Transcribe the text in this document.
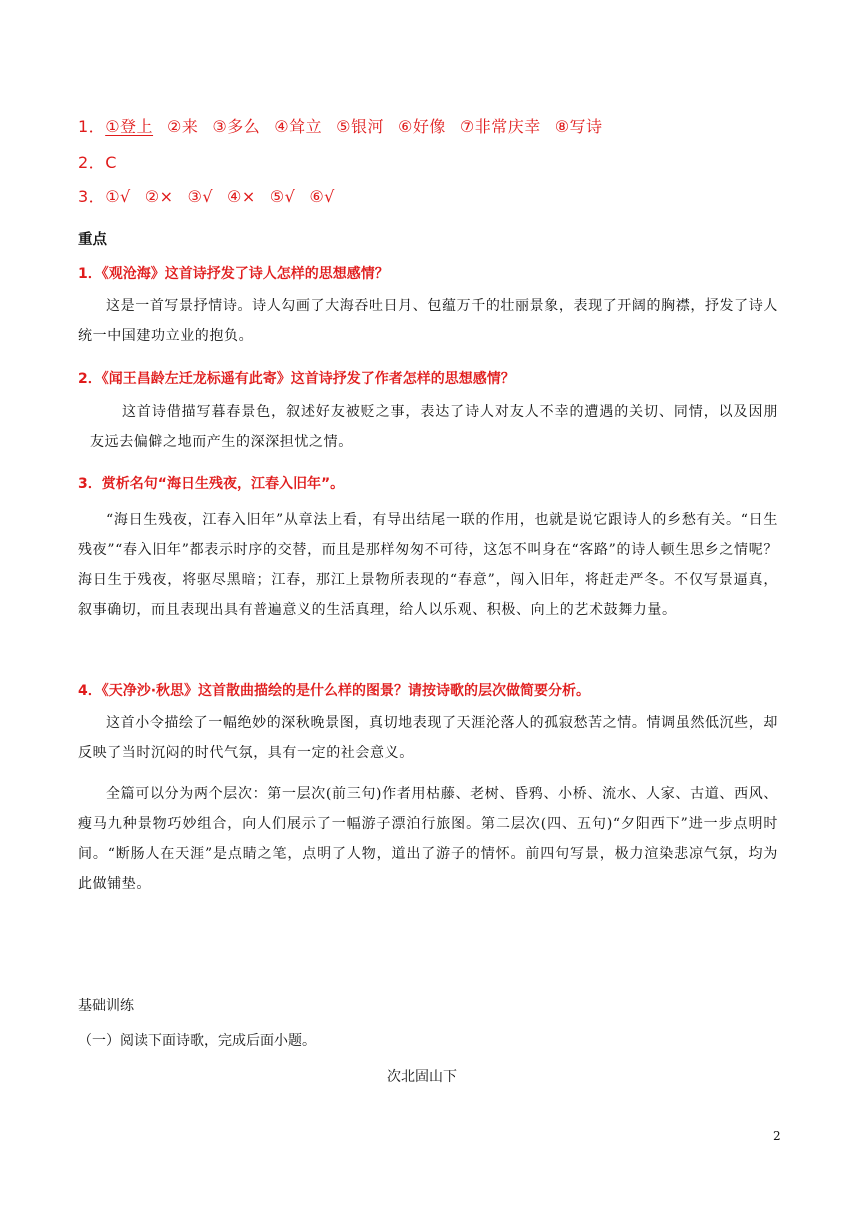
1．①登上 ②来 ③多么 ④耸立 ⑤银河 ⑥好像 ⑦非常庆幸 ⑧写诗
2．C
3．①√ ②× ③√ ④× ⑤√ ⑥√
重点
1．《观沧海》这首诗抒发了诗人怎样的思想感情？

这是一首写景抒情诗。诗人勾画了大海吞吐日月、包蕴万千的壮丽景象，表现了开阔的胸襟，抒发了诗人统一中国建功立业的抱负。

2．《闻王昌龄左迁龙标遥有此寄》这首诗抒发了作者怎样的思想感情？

这首诗借描写暮春景色，叙述好友被贬之事，表达了诗人对友人不幸的遭遇的关切、同情，以及因朋友远去偏僻之地而产生的深深担忧之情。

3．赏析名句“海日生残夜，江春入旧年”。

“海日生残夜，江春入旧年”从章法上看，有导出结尾一联的作用，也就是说它跟诗人的乡愁有关。“日生残夜”“春入旧年”都表示时序的交替，而且是那样匆匆不可待，这怎不叫身在“客路”的诗人顿生思乡之情呢？海日生于残夜，将驱尽黑暗；江春，那江上景物所表现的“春意”，闯入旧年，将赶走严冬。不仅写景逼真，叙事确切，而且表现出具有普遍意义的生活真理，给人以乐观、积极、向上的艺术鼓舞力量。

4．《天净沙·秋思》这首散曲描绘的是什么样的图景？请按诗歌的层次做简要分析。

这首小令描绘了一幅绝妙的深秋晚景图，真切地表现了天涯沦落人的孤寂愁苦之情。情调虽然低沉些，却反映了当时沉闷的时代气氛，具有一定的社会意义。

全篇可以分为两个层次：第一层次(前三句)作者用枯藤、老树、昏鸦、小桥、流水、人家、古道、西风、瘦马九种景物巧妙组合，向人们展示了一幅游子漂泊行旅图。第二层次(四、五句)“夕阳西下”进一步点明时间。“断肠人在天涯”是点睛之笔，点明了人物，道出了游子的情怀。前四句写景，极力渲染悲凉气氛，均为此做铺垫。

基础训练
（一）阅读下面诗歌，完成后面小题。
次北固山下
2
